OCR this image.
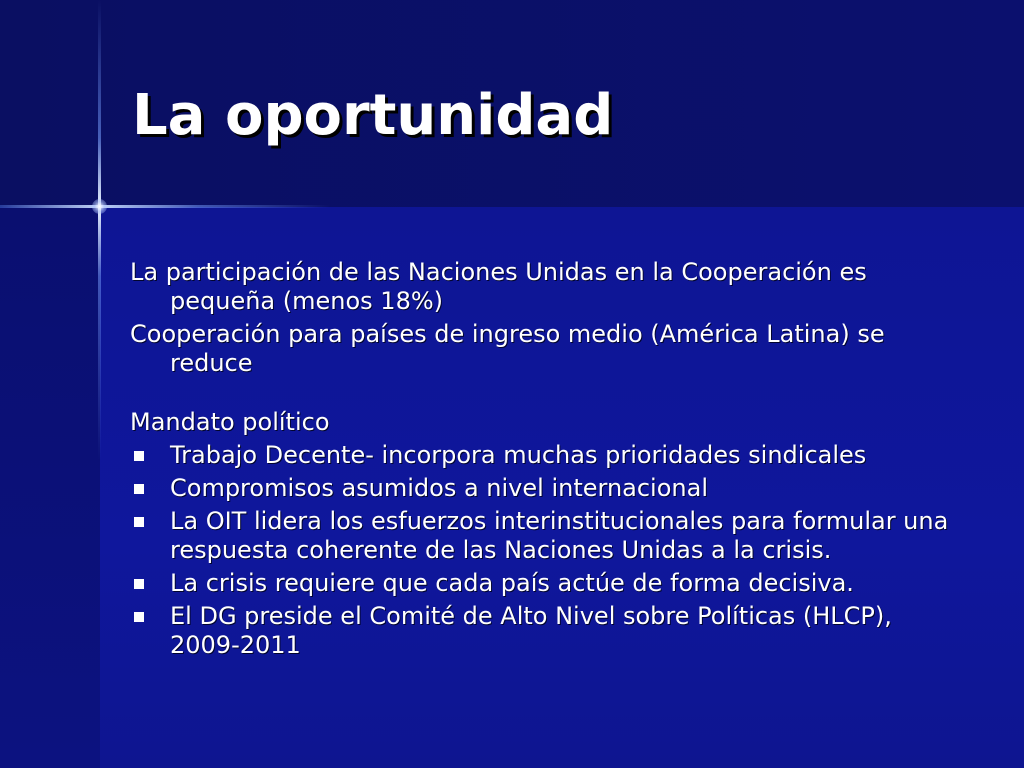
La oportunidad

La participación de las Naciones Unidas en la Cooperación es pequeña (menos 18%)

Cooperación para países de ingreso medio (América Latina) se reduce

Mandato político

Trabajo Decente- incorpora muchas prioridades sindicales
Compromisos asumidos a nivel internacional
La OIT lidera los esfuerzos interinstitucionales para formular una respuesta coherente de las Naciones Unidas a la crisis.
La crisis requiere que cada país actúe de forma decisiva.
El DG preside el Comité de Alto Nivel sobre Políticas (HLCP), 2009-2011
